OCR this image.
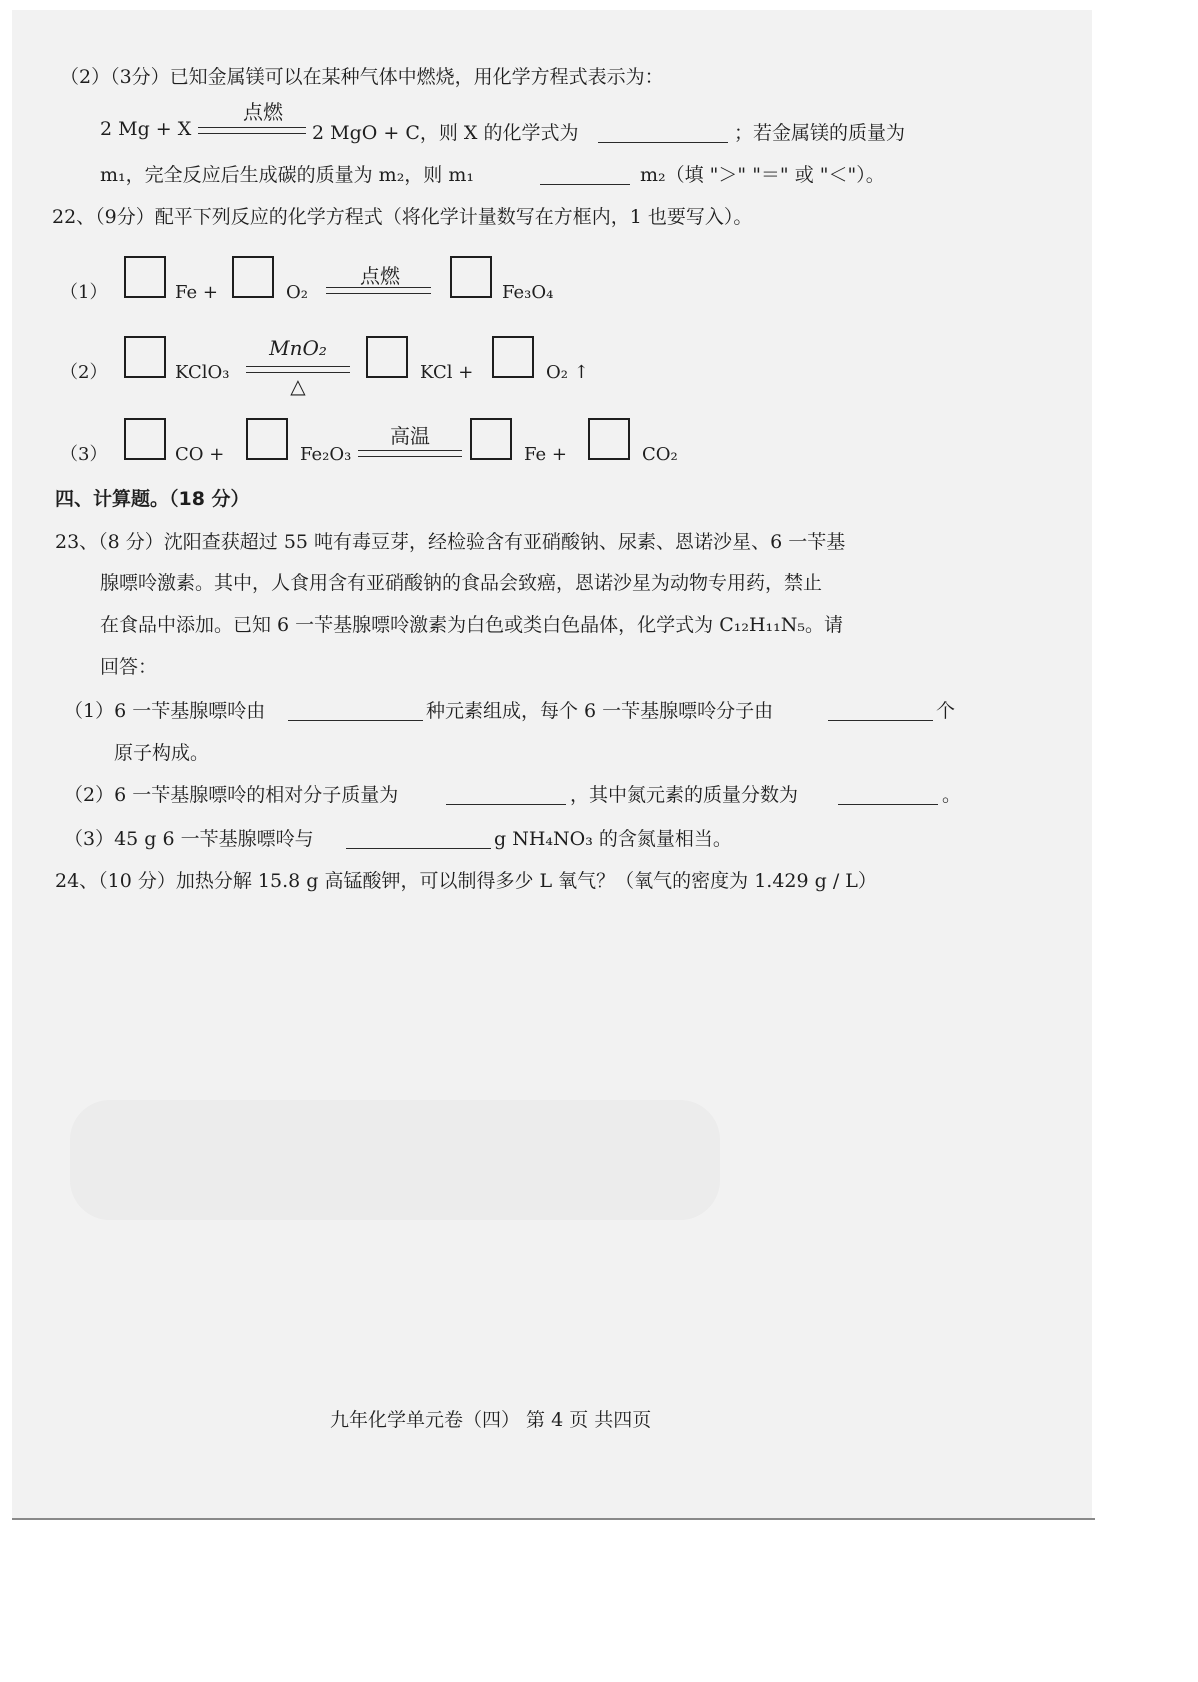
（2）（3分）已知金属镁可以在某种气体中燃烧，用化学方程式表示为：
2 Mg + X
点燃
2 MgO + C，则 X 的化学式为	；若金属镁的质量为
m₁，完全反应后生成碳的质量为 m₂，则 m₁	m₂（填 "＞" "＝" 或 "＜"）。
22、（9分）配平下列反应的化学方程式（将化学计量数写在方框内，1 也要写入）。
（1）	Fe +	O₂
点燃
Fe₃O₄
（2）	KClO₃
MnO₂
△
KCl +	O₂ ↑
（3）	CO +	Fe₂O₃
高温
Fe +	CO₂
四、计算题。（18 分）
23、（8 分）沈阳查获超过 55 吨有毒豆芽，经检验含有亚硝酸钠、尿素、恩诺沙星、6 一苄基
腺嘌呤激素。其中，人食用含有亚硝酸钠的食品会致癌，恩诺沙星为动物专用药，禁止
在食品中添加。已知 6 一苄基腺嘌呤激素为白色或类白色晶体，化学式为 C₁₂H₁₁N₅。请
回答：
（1）6 一苄基腺嘌呤由	种元素组成，每个 6 一苄基腺嘌呤分子由	个
原子构成。
（2）6 一苄基腺嘌呤的相对分子质量为	，其中氮元素的质量分数为	。
（3）45 g 6 一苄基腺嘌呤与	g NH₄NO₃ 的含氮量相当。
24、（10 分）加热分解 15.8 g 高锰酸钾，可以制得多少 L 氧气？（氧气的密度为 1.429 g / L）
九年化学单元卷（四） 第 4 页 共四页
